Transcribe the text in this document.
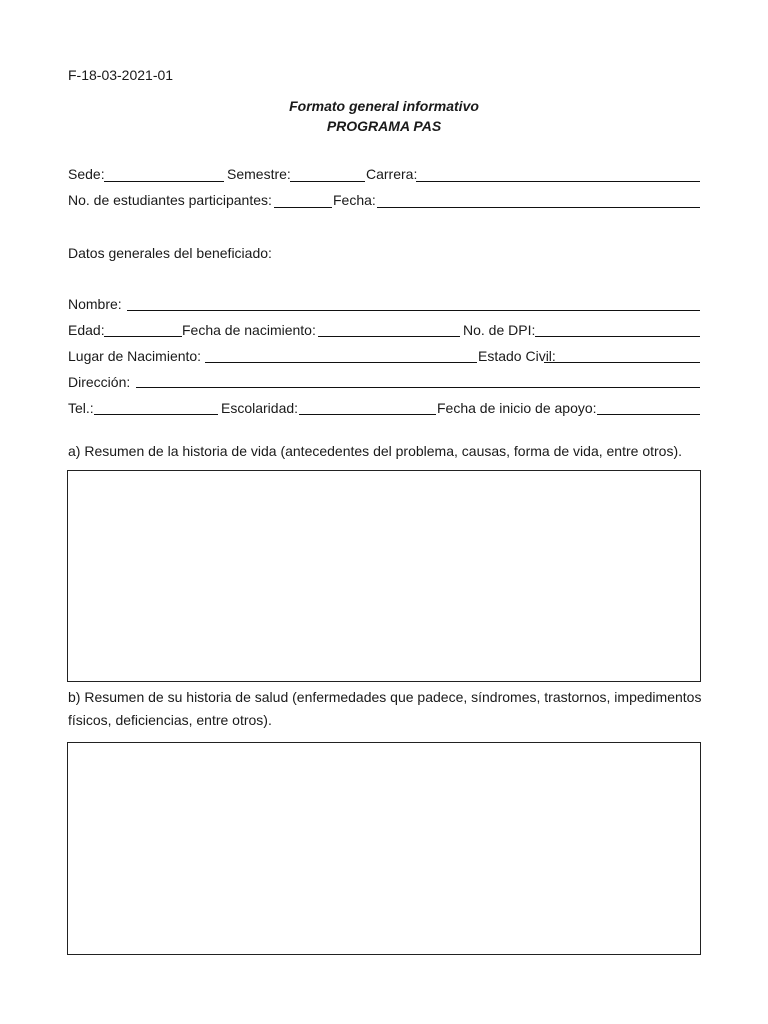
F-18-03-2021-01
Formato general informativo
PROGRAMA PAS
Sede:	Semestre:	Carrera:
No. de estudiantes participantes:	Fecha:
Datos generales del beneficiado:
Nombre:
Edad:	Fecha de nacimiento:	No. de DPI:
Lugar de Nacimiento:	Estado Civil:
Dirección:
Tel.:	Escolaridad:	Fecha de inicio de apoyo:
a) Resumen de la historia de vida (antecedentes del problema, causas, forma de vida, entre otros).
b) Resumen de su historia de salud (enfermedades que padece, síndromes, trastornos, impedimentos
físicos, deficiencias, entre otros).
